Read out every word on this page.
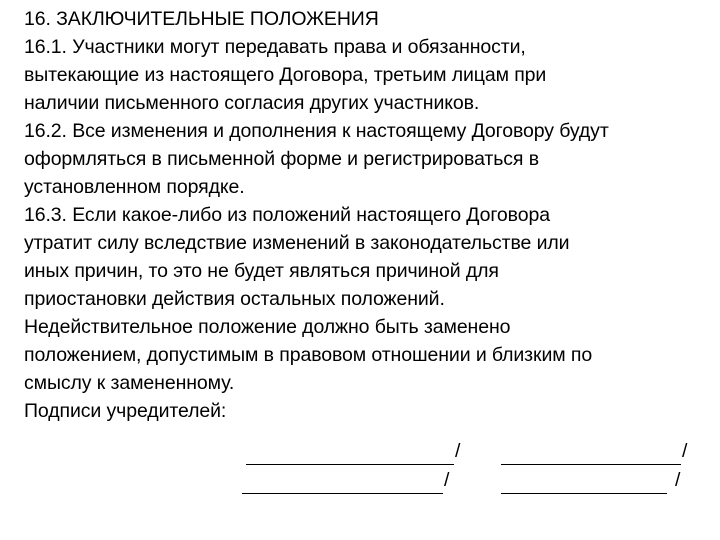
16. ЗАКЛЮЧИТЕЛЬНЫЕ ПОЛОЖЕНИЯ
16.1. Участники могут передавать права и обязанности,
вытекающие из настоящего Договора, третьим лицам при
наличии письменного согласия других участников.
16.2. Все изменения и дополнения к настоящему Договору будут
оформляться в письменной форме и регистрироваться в
установленном порядке.
16.3. Если какое-либо из положений настоящего Договора
утратит силу вследствие изменений в законодательстве или
иных причин, то это не будет являться причиной для
приостановки действия остальных положений.
Недействительное положение должно быть заменено
положением, допустимым в правовом отношении и близким по
смыслу к замененному.
Подписи учредителей:
/	/
/	/
